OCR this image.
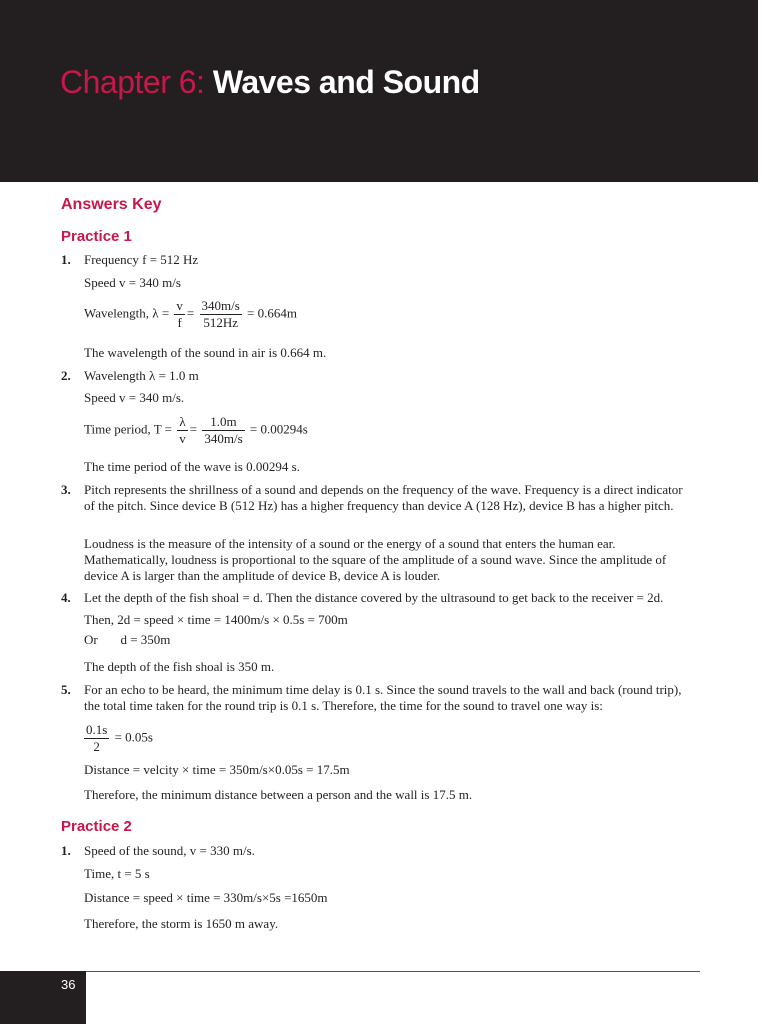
Chapter 6: Waves and Sound
Answers Key
Practice 1
1. Frequency f = 512 Hz
Speed v = 340 m/s
Wavelength, $\lambda = \frac{v}{f} = \frac{340m/s}{512Hz} = 0.664m$
The wavelength of the sound in air is 0.664 m.
2. Wavelength λ = 1.0 m
Speed v = 340 m/s.
Time period, $T = \frac{\lambda}{v} = \frac{1.0m}{340m/s} = 0.00294s$
The time period of the wave is 0.00294 s.
3. Pitch represents the shrillness of a sound and depends on the frequency of the wave. Frequency is a direct indicator of the pitch. Since device B (512 Hz) has a higher frequency than device A (128 Hz), device B has a higher pitch.
Loudness is the measure of the intensity of a sound or the energy of a sound that enters the human ear. Mathematically, loudness is proportional to the square of the amplitude of a sound wave. Since the amplitude of device A is larger than the amplitude of device B, device A is louder.
4. Let the depth of the fish shoal = d. Then the distance covered by the ultrasound to get back to the receiver = 2d.
Then, 2d = speed × time = 1400m/s × 0.5s = 700m
Or       d = 350m
The depth of the fish shoal is 350 m.
5. For an echo to be heard, the minimum time delay is 0.1 s. Since the sound travels to the wall and back (round trip), the total time taken for the round trip is 0.1 s. Therefore, the time for the sound to travel one way is:
$\frac{0.1s}{2} = 0.05s$
Distance = velcity × time = 350m/s×0.05s = 17.5m
Therefore, the minimum distance between a person and the wall is 17.5 m.
Practice 2
1. Speed of the sound, v = 330 m/s.
Time, t = 5 s
Distance = speed × time = 330m/s×5s =1650m
Therefore, the storm is 1650 m away.
36
